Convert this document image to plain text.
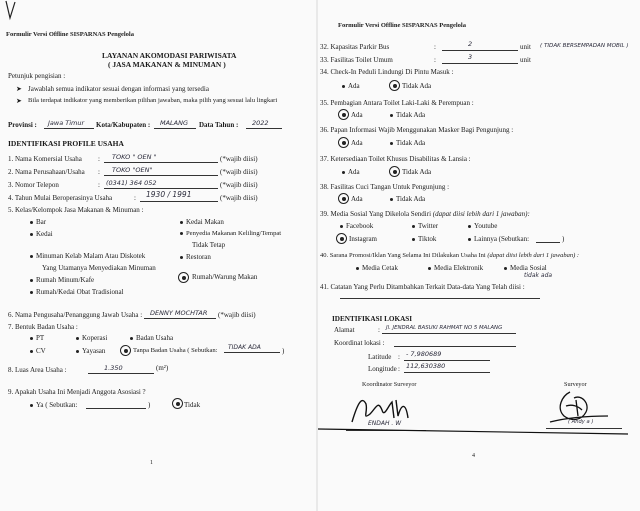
Formulir Versi Offline SISPARNAS Pengelola
LAYANAN AKOMODASI PARIWISATA
( JASA MAKANAN & MINUMAN )
Petunjuk pengisian :
➤ Jawablah semua indikator sesuai dengan informasi yang tersedia
➤ Bila terdapat indikator yang memberikan pilihan jawaban, maka pilih yang sesuai lalu lingkari
Provinsi : Jawa Timur Kota/Kabupaten : MALANG Data Tahun : 2022
IDENTIFIKASI PROFILE USAHA
1. Nama Komersial Usaha : TOKO " OEN "	(*wajib diisi)
2. Nama Perusahaan/Usaha : TOKO "OEN"	(*wajib diisi)
3. Nomor Telepon	: (0341) 364 052	(*wajib diisi)
4. Tahun Mulai Beroperasinya Usaha	: 1930 / 1991	(*wajib diisi)
5. Kelas/Kelompok Jasa Makanan & Minuman :
Bar
Kedai
Minuman Kelab Malam Atau Diskotek
Yang Utamanya Menyediakan Minuman
Rumah Minum/Kafe
Rumah/Kedai Obat Tradisional
Kedai Makan
Penyedia Makanan Keliling/Tempat
Tidak Tetap
Restoran
Rumah/Warung Makan
6. Nama Pengusaha/Penanggung Jawab Usaha : DENNY MOCHTAR (*wajib diisi)
7. Bentuk Badan Usaha :
PT	Koperasi	Badan Usaha
CV	Yayasan	Tanpa Badan Usaha ( Sebutkan: TIDAK ADA	)
8. Luas Area Usaha :	1.350	(m²)
9. Apakah Usaha Ini Menjadi Anggota Asosiasi ?
Ya ( Sebutkan:	)	Tidak
1
Formulir Versi Offline SISPARNAS Pengelola
32. Kapasitas Parkir Bus	:	2	unit ( TIDAK BERSEMPADAN MOBIL )
33. Fasilitas Toilet Umum	:	3	unit
34. Check-In Peduli Lindungi Di Pintu Masuk :
Ada	Tidak Ada
35. Pembagian Antara Toilet Laki-Laki & Perempuan :
Ada	Tidak Ada
36. Papan Informasi Wajib Menggunakan Masker Bagi Pengunjung :
Ada	Tidak Ada
37. Ketersediaan Toilet Khusus Disabilitas & Lansia :
Ada	Tidak Ada
38. Fasilitas Cuci Tangan Untuk Pengunjung :
Ada	Tidak Ada
39. Media Sosial Yang Dikelola Sendiri (dapat diisi lebih dari 1 jawaban):
Facebook	Twitter	Youtube
Instagram	Tiktok	Lainnya (Sebutkan:	)
40. Sarana Promosi/Iklan Yang Selama Ini Dilakukan Usaha Ini (dapat diisi lebih dari 1 jawaban) :
Media Cetak	Media Elektronik	Media Sosial
tidak ada
41. Catatan Yang Perlu Ditambahkan Terkait Data-data Yang Telah diisi :
IDENTIFIKASI LOKASI
Alamat	: Jl. JENDRAL BASUKI RAHMAT NO 5 MALANG
Koordinat lokasi :
Latitude : - 7,980689
Longitude : 112,630380
Koordinator Surveyor	Surveyor
ENDAH . W	( Andy a )
4
